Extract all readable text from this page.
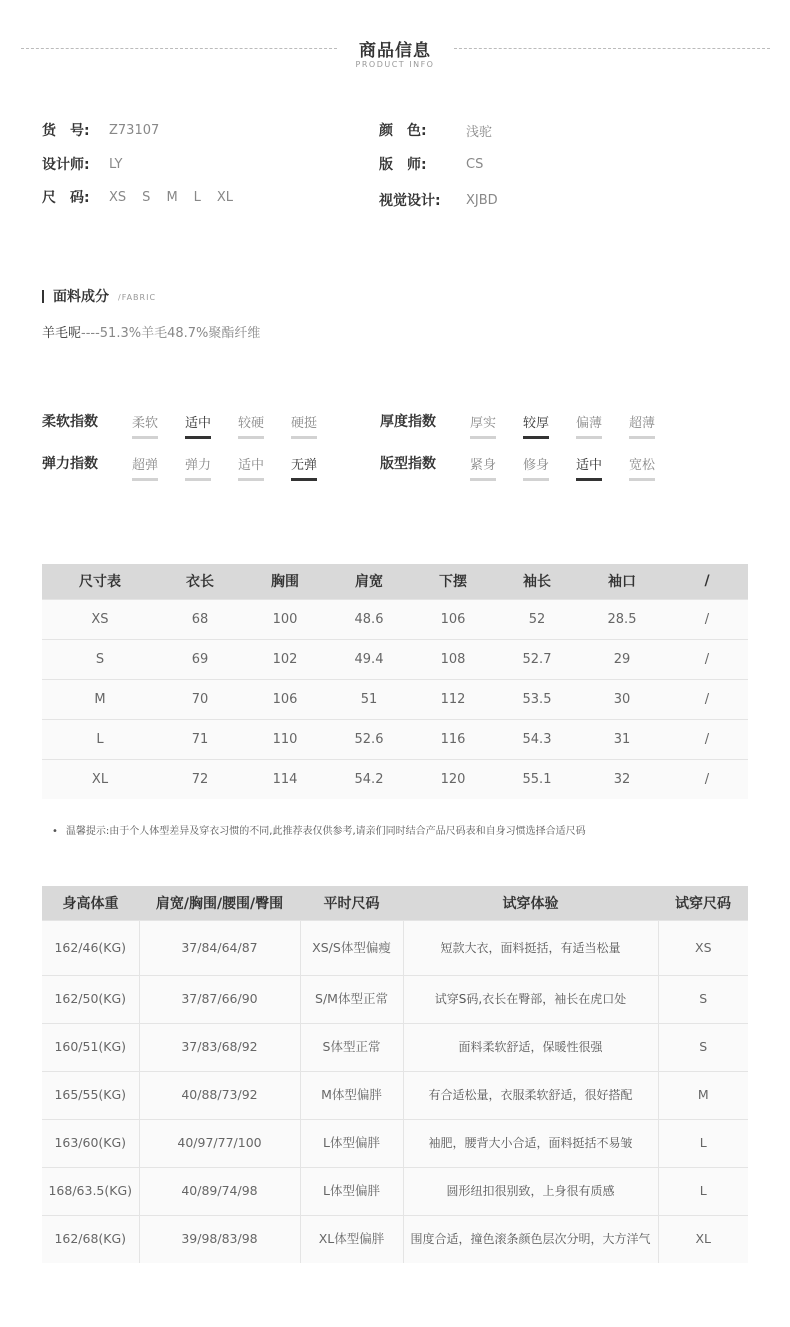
商品信息
PRODUCT INFO
货　号:	Z73107
设计师:	LY
尺　码:	XS S M L XL
颜　色:	浅驼
版　师:	CS
视觉设计:	XJBD
面料成分 /FABRIC
羊毛呢----51.3%羊毛48.7%聚酯纤维
柔软指数	柔软	适中	较硬	硬挺	厚度指数	厚实	较厚	偏薄	超薄
弹力指数	超弹	弹力	适中	无弹	版型指数	紧身	修身	适中	宽松
尺寸表	衣长	胸围	肩宽	下摆	袖长	袖口	/
XS	68	100	48.6	106	52	28.5	/
S	69	102	49.4	108	52.7	29	/
M	70	106	51	112	53.5	30	/
L	71	110	52.6	116	54.3	31	/
XL	72	114	54.2	120	55.1	32	/
• 温馨提示:由于个人体型差异及穿衣习惯的不同,此推荐表仅供参考,请亲们同时结合产品尺码表和自身习惯选择合适尺码
身高体重	肩宽/胸围/腰围/臀围	平时尺码	试穿体验	试穿尺码
162/46(KG)	37/84/64/87	XS/S体型偏瘦	短款大衣，面料挺括，有适当松量	XS
162/50(KG)	37/87/66/90	S/M体型正常	试穿S码,衣长在臀部，袖长在虎口处	S
160/51(KG)	37/83/68/92	S体型正常	面料柔软舒适，保暖性很强	S
165/55(KG)	40/88/73/92	M体型偏胖	有合适松量，衣服柔软舒适，很好搭配	M
163/60(KG)	40/97/77/100	L体型偏胖	袖肥，腰背大小合适，面料挺括不易皱	L
168/63.5(KG)	40/89/74/98	L体型偏胖	圆形纽扣很别致，上身很有质感	L
162/68(KG)	39/98/83/98	XL体型偏胖	围度合适，撞色滚条颜色层次分明，大方洋气	XL
